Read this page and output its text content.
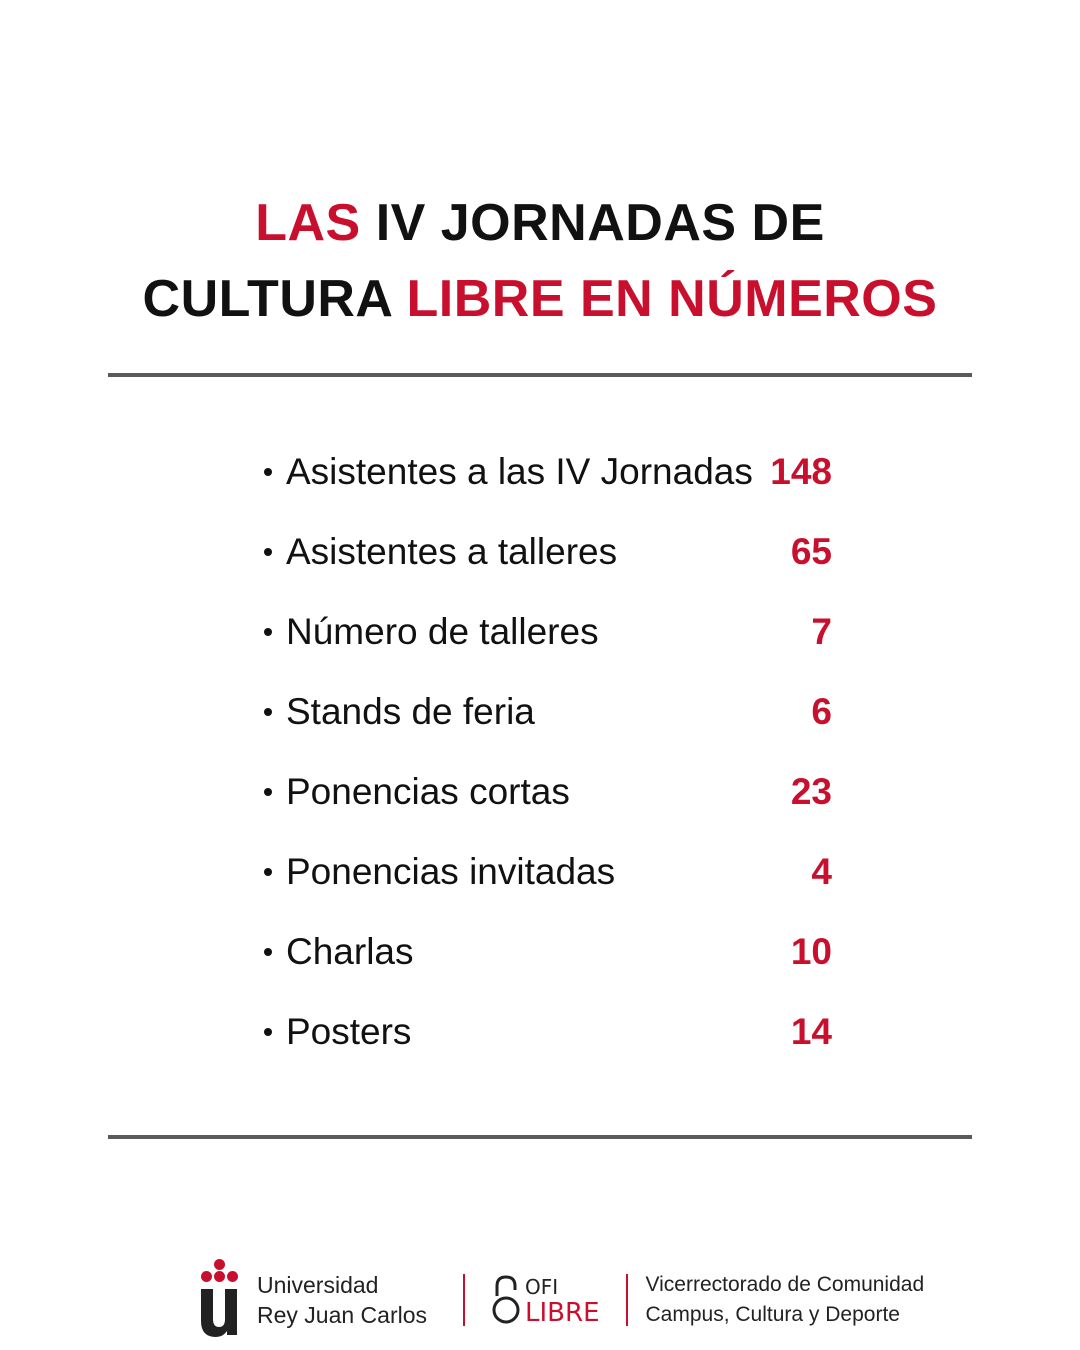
LAS IV JORNADAS DE
CULTURA LIBRE EN NÚMEROS
Asistentes a las IV Jornadas 148
Asistentes a talleres	65
Número de talleres	7
Stands de feria	6
Ponencias cortas	23
Ponencias invitadas	4
Charlas	10
Posters	14
Universidad
Rey Juan Carlos
OFI
LIBRE
Vicerrectorado de Comunidad
Campus, Cultura y Deporte
